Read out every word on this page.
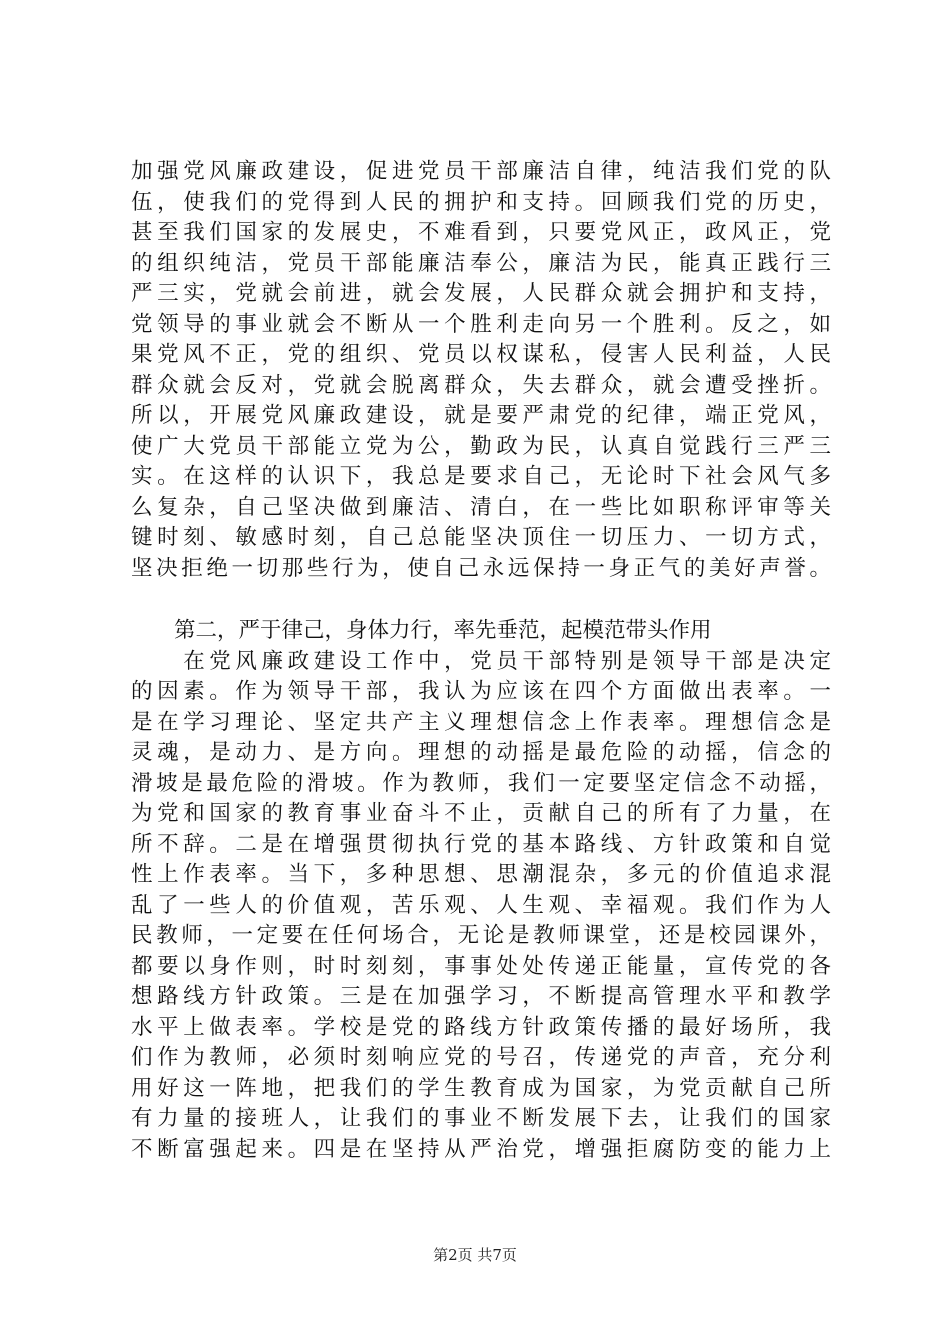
加强党风廉政建设，促进党员干部廉洁自律，纯洁我们党的队
伍，使我们的党得到人民的拥护和支持。回顾我们党的历史，
甚至我们国家的发展史，不难看到，只要党风正，政风正，党
的组织纯洁，党员干部能廉洁奉公，廉洁为民，能真正践行三
严三实，党就会前进，就会发展，人民群众就会拥护和支持，
党领导的事业就会不断从一个胜利走向另一个胜利。反之，如
果党风不正，党的组织、党员以权谋私，侵害人民利益，人民
群众就会反对，党就会脱离群众，失去群众，就会遭受挫折。
所以，开展党风廉政建设，就是要严肃党的纪律，端正党风，
使广大党员干部能立党为公，勤政为民，认真自觉践行三严三
实。在这样的认识下，我总是要求自己，无论时下社会风气多
么复杂，自己坚决做到廉洁、清白，在一些比如职称评审等关
键时刻、敏感时刻，自己总能坚决顶住一切压力、一切方式，
坚决拒绝一切那些行为，使自己永远保持一身正气的美好声誉。
　　第二，严于律己，身体力行，率先垂范，起模范带头作用
　　在党风廉政建设工作中，党员干部特别是领导干部是决定
的因素。作为领导干部，我认为应该在四个方面做出表率。一
是在学习理论、坚定共产主义理想信念上作表率。理想信念是
灵魂，是动力、是方向。理想的动摇是最危险的动摇，信念的
滑坡是最危险的滑坡。作为教师，我们一定要坚定信念不动摇，
为党和国家的教育事业奋斗不止，贡献自己的所有了力量，在
所不辞。二是在增强贯彻执行党的基本路线、方针政策和自觉
性上作表率。当下，多种思想、思潮混杂，多元的价值追求混
乱了一些人的价值观，苦乐观、人生观、幸福观。我们作为人
民教师，一定要在任何场合，无论是教师课堂，还是校园课外，
都要以身作则，时时刻刻，事事处处传递正能量，宣传党的各
想路线方针政策。三是在加强学习，不断提高管理水平和教学
水平上做表率。学校是党的路线方针政策传播的最好场所，我
们作为教师，必须时刻响应党的号召，传递党的声音，充分利
用好这一阵地，把我们的学生教育成为国家，为党贡献自己所
有力量的接班人，让我们的事业不断发展下去，让我们的国家
不断富强起来。四是在坚持从严治党，增强拒腐防变的能力上
第2页 共7页
